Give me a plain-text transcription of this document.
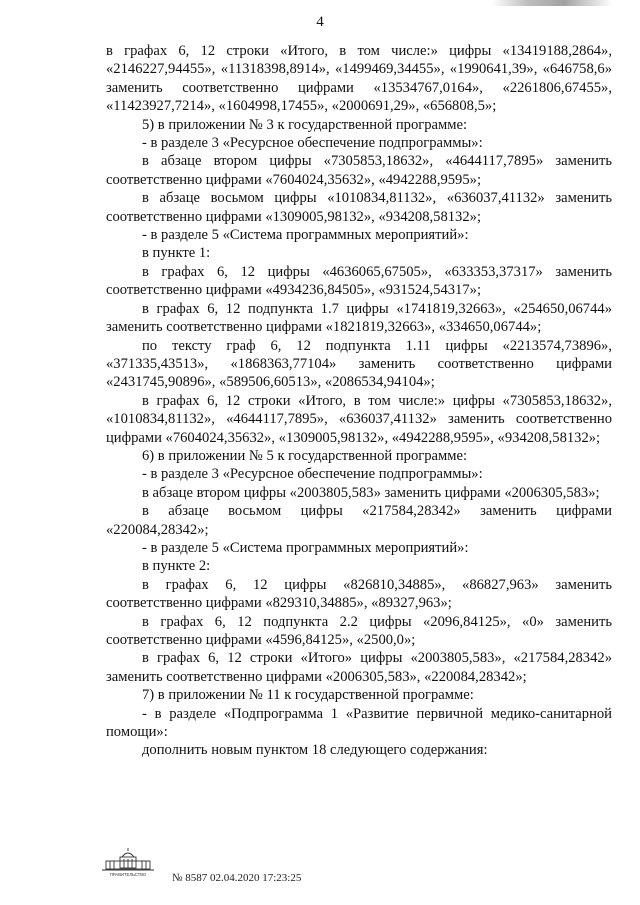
4

в графах 6, 12 строки «Итого, в том числе:» цифры «13419188,2864», «2146227,94455», «11318398,8914», «1499469,34455», «1990641,39», «646758,6» заменить соответственно цифрами «13534767,0164», «2261806,67455», «11423927,7214», «1604998,17455», «2000691,29», «656808,5»;

5) в приложении № 3 к государственной программе:

- в разделе 3 «Ресурсное обеспечение подпрограммы»:

в абзаце втором цифры «7305853,18632», «4644117,7895» заменить соответственно цифрами «7604024,35632», «4942288,9595»;

в абзаце восьмом цифры «1010834,81132», «636037,41132» заменить соответственно цифрами «1309005,98132», «934208,58132»;

- в разделе 5 «Система программных мероприятий»:

в пункте 1:

в графах 6, 12 цифры «4636065,67505», «633353,37317» заменить соответственно цифрами «4934236,84505», «931524,54317»;

в графах 6, 12 подпункта 1.7 цифры «1741819,32663», «254650,06744» заменить соответственно цифрами «1821819,32663», «334650,06744»;

по тексту граф 6, 12 подпункта 1.11 цифры «2213574,73896», «371335,43513», «1868363,77104» заменить соответственно цифрами «2431745,90896», «589506,60513», «2086534,94104»;

в графах 6, 12 строки «Итого, в том числе:» цифры «7305853,18632», «1010834,81132», «4644117,7895», «636037,41132» заменить соответственно цифрами «7604024,35632», «1309005,98132», «4942288,9595», «934208,58132»;

6) в приложении № 5 к государственной программе:

- в разделе 3 «Ресурсное обеспечение подпрограммы»:

в абзаце втором цифры «2003805,583» заменить цифрами «2006305,583»;

в абзаце восьмом цифры «217584,28342» заменить цифрами «220084,28342»;

- в разделе 5 «Система программных мероприятий»:

в пункте 2:

в графах 6, 12 цифры «826810,34885», «86827,963» заменить соответственно цифрами «829310,34885», «89327,963»;

в графах 6, 12 подпункта 2.2 цифры «2096,84125», «0» заменить соответственно цифрами «4596,84125», «2500,0»;

в графах 6, 12 строки «Итого» цифры «2003805,583», «217584,28342» заменить соответственно цифрами «2006305,583», «220084,28342»;

7) в приложении № 11 к государственной программе:

- в разделе «Подпрограмма 1 «Развитие первичной медико-санитарной помощи»:

дополнить новым пунктом 18 следующего содержания:

ПРАВИТЕЛЬСТВО № 8587 02.04.2020 17:23:25
